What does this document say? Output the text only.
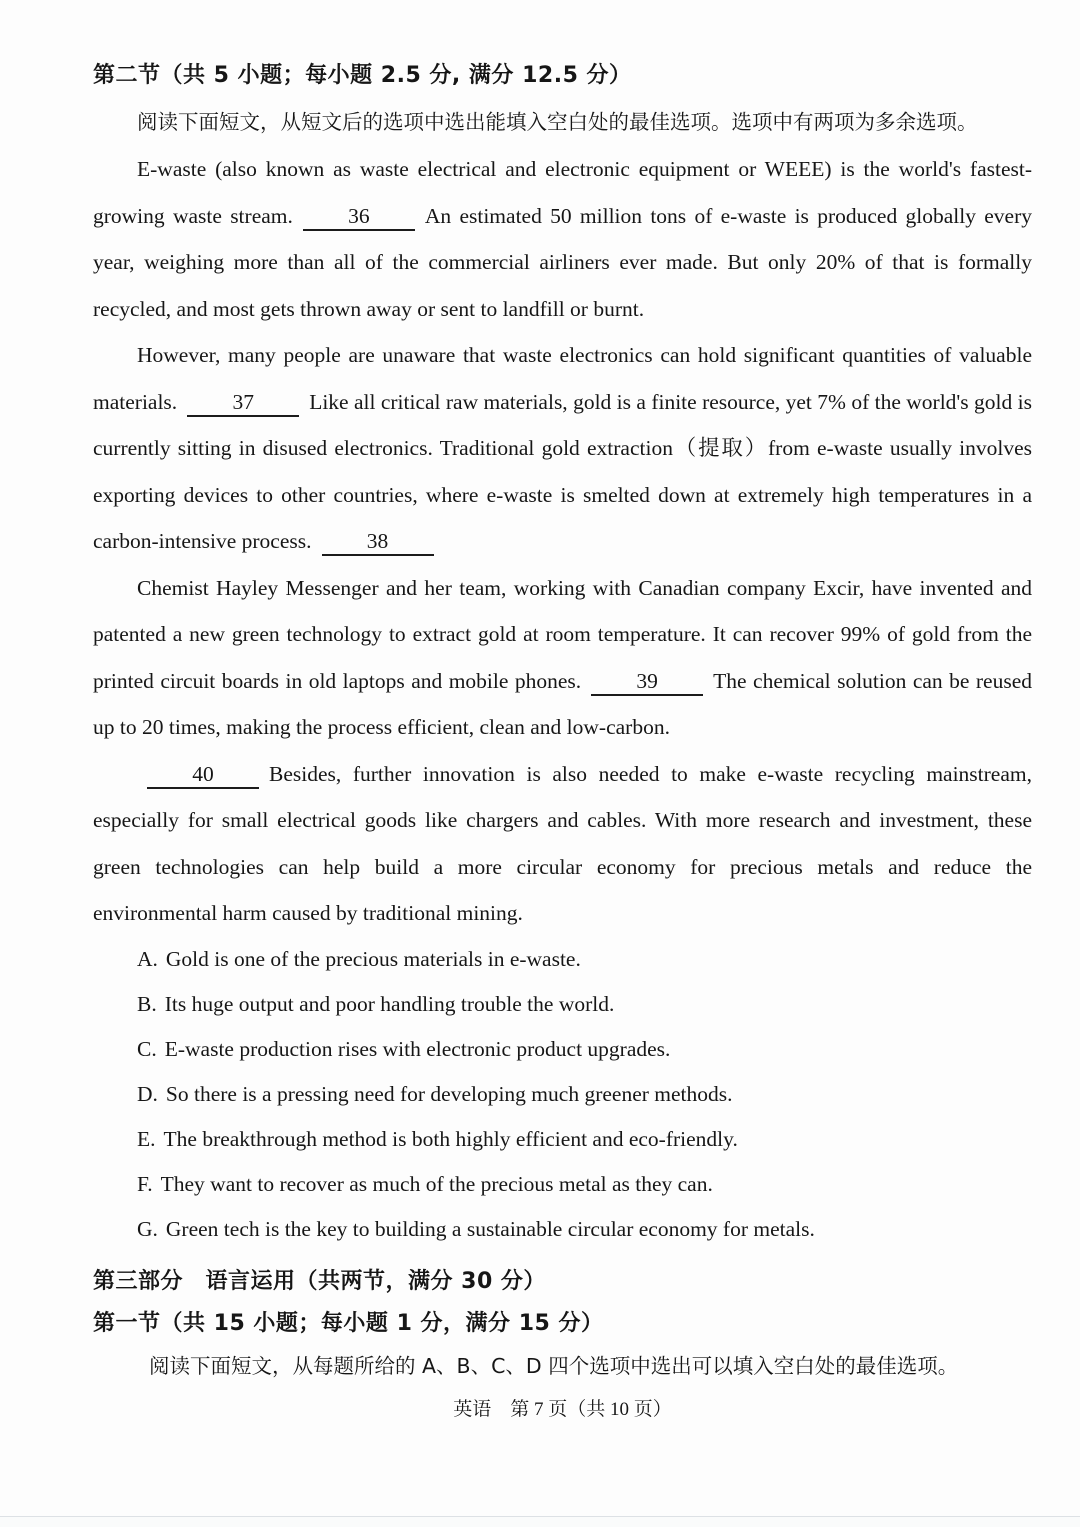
第二节（共 5 小题；每小题 2.5 分, 满分 12.5 分）

阅读下面短文，从短文后的选项中选出能填入空白处的最佳选项。选项中有两项为多余选项。

E-waste (also known as waste electrical and electronic equipment or WEEE) is the world's fastest-growing waste stream.	36	An estimated 50 million tons of e-waste is produced globally every year, weighing more than all of the commercial airliners ever made. But only 20% of that is formally recycled, and most gets thrown away or sent to landfill or burnt.

However, many people are unaware that waste electronics can hold significant quantities of valuable materials.	37	Like all critical raw materials, gold is a finite resource, yet 7% of the world's gold is currently sitting in disused electronics. Traditional gold extraction（提取）from e-waste usually involves exporting devices to other countries, where e-waste is smelted down at extremely high temperatures in a carbon-intensive process.	38

Chemist Hayley Messenger and her team, working with Canadian company Excir, have invented and patented a new green technology to extract gold at room temperature. It can recover 99% of gold from the printed circuit boards in old laptops and mobile phones.	39	The chemical solution can be reused up to 20 times, making the process efficient, clean and low-carbon.

40	Besides, further innovation is also needed to make e-waste recycling mainstream, especially for small electrical goods like chargers and cables. With more research and investment, these green technologies can help build a more circular economy for precious metals and reduce the environmental harm caused by traditional mining.

A. Gold is one of the precious materials in e-waste.

B. Its huge output and poor handling trouble the world.

C. E-waste production rises with electronic product upgrades.

D. So there is a pressing need for developing much greener methods.

E. The breakthrough method is both highly efficient and eco-friendly.

F. They want to recover as much of the precious metal as they can.

G. Green tech is the key to building a sustainable circular economy for metals.

第三部分　语言运用（共两节，满分 30 分）
第一节（共 15 小题；每小题 1 分，满分 15 分）

阅读下面短文，从每题所给的 A、B、C、D 四个选项中选出可以填入空白处的最佳选项。

英语　第 7 页（共 10 页）
